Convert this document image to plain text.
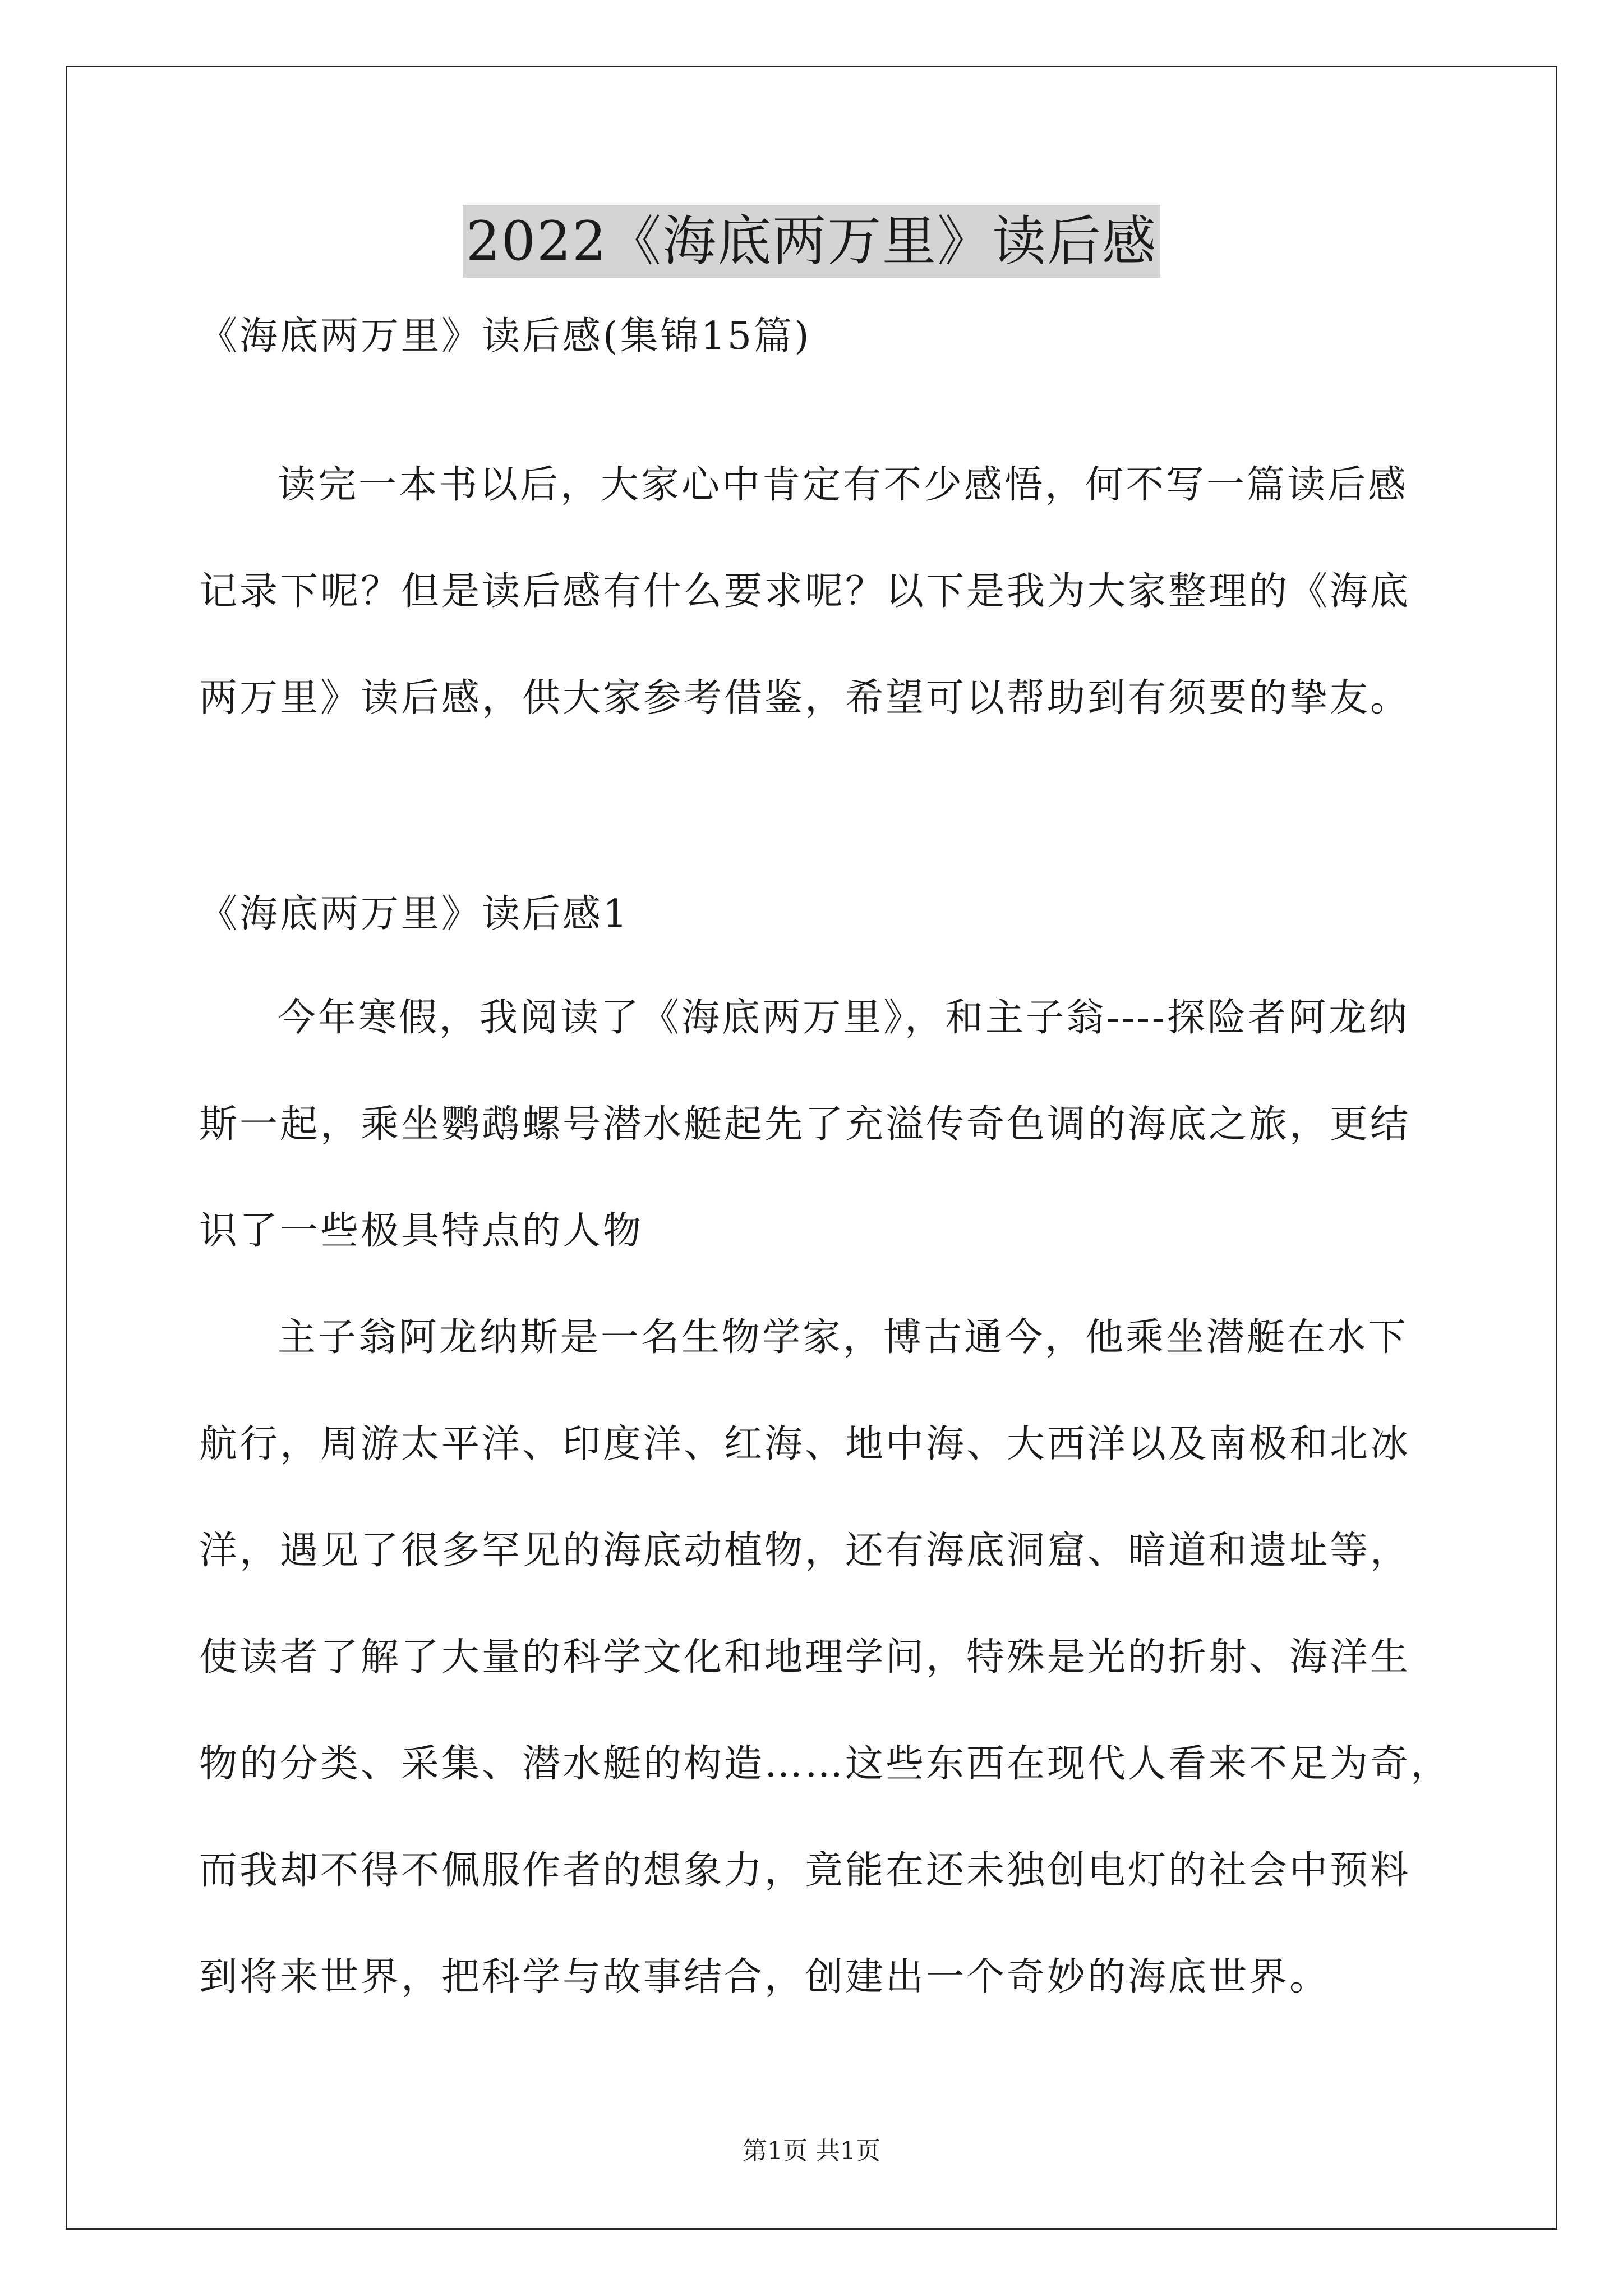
2022《海底两万里》读后感
《海底两万里》读后感(集锦15篇)
读完一本书以后，大家心中肯定有不少感悟，何不写一篇读后感
记录下呢？但是读后感有什么要求呢？以下是我为大家整理的《海底
两万里》读后感，供大家参考借鉴，希望可以帮助到有须要的挚友。
《海底两万里》读后感1
今年寒假，我阅读了《海底两万里》，和主子翁----探险者阿龙纳
斯一起，乘坐鹦鹉螺号潜水艇起先了充溢传奇色调的海底之旅，更结
识了一些极具特点的人物
主子翁阿龙纳斯是一名生物学家，博古通今，他乘坐潜艇在水下
航行，周游太平洋、印度洋、红海、地中海、大西洋以及南极和北冰
洋，遇见了很多罕见的海底动植物，还有海底洞窟、暗道和遗址等，
使读者了解了大量的科学文化和地理学问，特殊是光的折射、海洋生
物的分类、采集、潜水艇的构造……这些东西在现代人看来不足为奇，
而我却不得不佩服作者的想象力，竟能在还未独创电灯的社会中预料
到将来世界，把科学与故事结合，创建出一个奇妙的海底世界。
第1页 共1页
